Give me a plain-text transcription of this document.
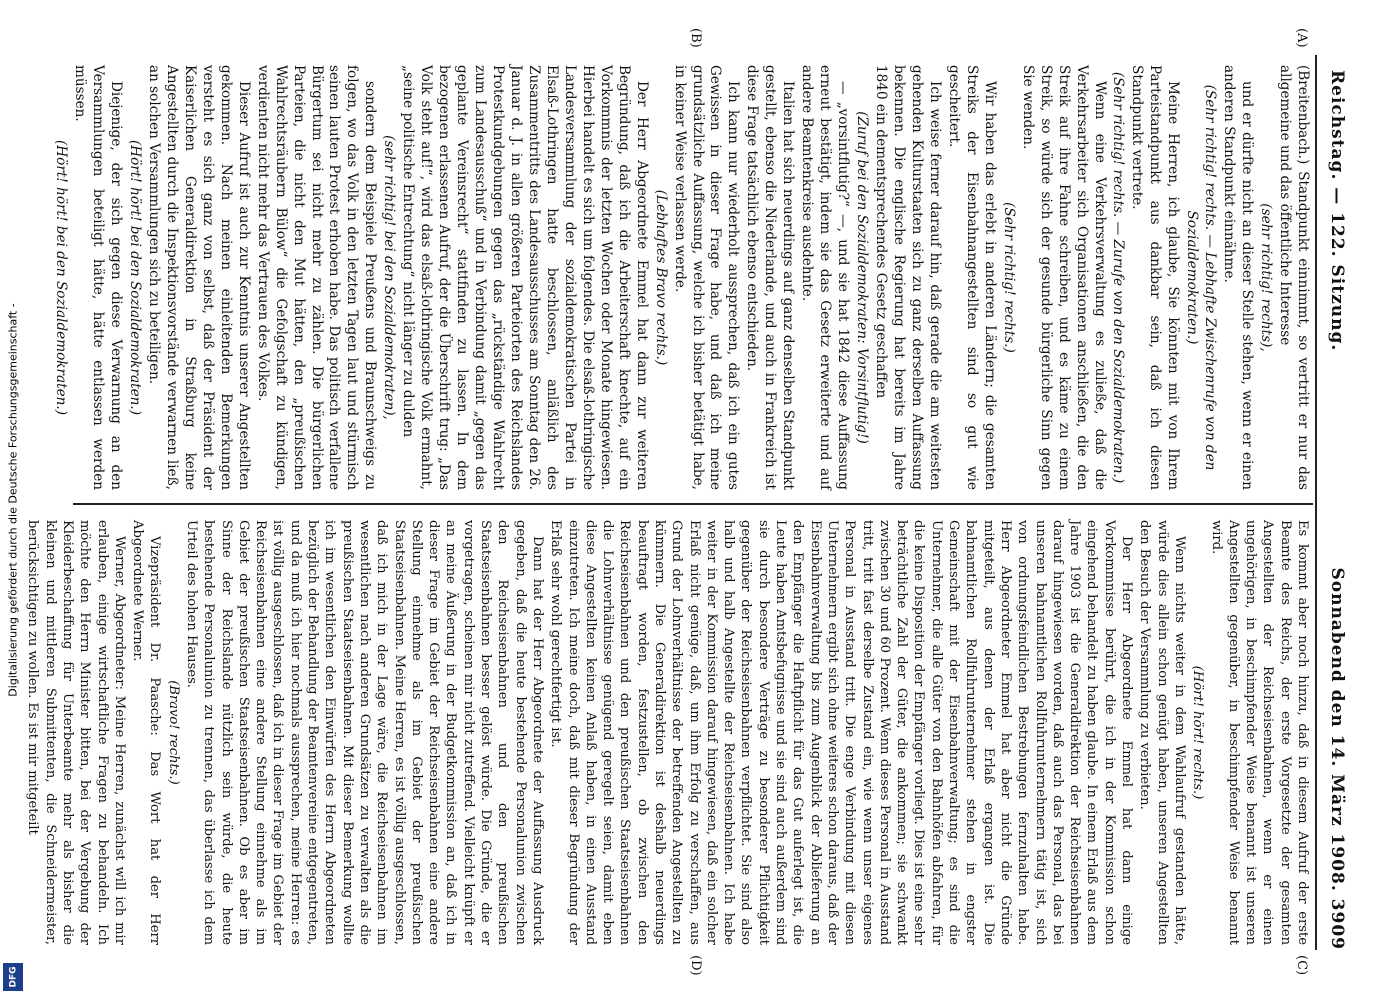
Reichstag. — 122. Sitzung.
Sonnabend den 14. März 1908. 3909
(A)
(B)
(C)
(D)

(Breitenbach.) Standpunkt einnimmt, so vertritt er nur das allgemeine und das öffentliche Interesse

(sehr richtig! rechts),

und er dürfte nicht an dieser Stelle stehen, wenn er einen anderen Standpunkt einnähme.

(Sehr richtig! rechts. — Lebhafte Zwischenrufe von den Sozialdemokraten.)

Meine Herren, ich glaube, Sie könnten mit von Ihrem Parteistandpunkt aus dankbar sein, daß ich diesen Standpunkt vertrete.

(Sehr richtig! rechts. — Zurufe von den Sozialdemokraten.)

Wenn eine Verkehrsverwaltung es zuließe, daß die Verkehrsarbeiter sich Organisationen anschließen, die den Streik auf ihre Fahne schreiben, und es käme zu einem Streik, so würde sich der gesunde bürgerliche Sinn gegen Sie wenden.

(Sehr richtig! rechts.)

Wir haben das erlebt in anderen Ländern; die gesamten Streiks der Eisenbahnangestellten sind so gut wie gescheitert.

Ich weise ferner darauf hin, daß gerade die am weitesten gehenden Kulturstaaten sich zu ganz derselben Auffassung bekennen. Die englische Regierung hat bereits im Jahre 1840 ein dementsprechendes Gesetz geschaffen

(Zuruf bei den Sozialdemokraten: Vorsintflutig!)

— „vorsintflutig?“ —, und sie hat 1842 diese Auffassung erneut bestätigt, indem sie das Gesetz erweiterte und auf andere Beamtenkreise ausdehnte.

Italien hat sich neuerdings auf ganz denselben Standpunkt gestellt, ebenso die Niederlande, und auch in Frankreich ist diese Frage tatsächlich ebenso entschieden.

Ich kann nur wiederholt aussprechen, daß ich ein gutes Gewissen in dieser Frage habe, und daß ich meine grundsätzliche Auffassung, welche ich bisher betätigt habe, in keiner Weise verlassen werde.

(Lebhaftes Bravo rechts.)

Der Herr Abgeordnete Emmel hat dann zur weiteren Begründung, daß ich die Arbeiterschaft knechte, auf ein Vorkommnis der letzten Wochen oder Monate hingewiesen. Hierbei handelt es sich um folgendes. Die elsaß-lothringische Landesversammlung der sozialdemokratischen Partei in Elsaß-Lothringen hatte beschlossen, anläßlich des Zusammentritts des Landesausschusses am Sonntag den 26. Januar d. J. in allen größeren Parteiorten des Reichslandes Protestkundgebungen gegen das „rückständige Wahlrecht zum Landesausschuß“ und in Verbindung damit „gegen das geplante Vereinsrecht“ stattfinden zu lassen. In dem bezogenen erlassenen Aufruf, der die Überschrift trug: „Das Volk steht auf!“, wird das elsaß-lothringische Volk ermahnt, „seine politische Entrechtung“ nicht länger zu dulden

(sehr richtig! bei den Sozialdemokraten),

sondern dem Beispiele Preußens und Braunschweigs zu folgen, wo das Volk in den letzten Tagen laut und stürmisch seinen lauten Protest erhoben habe. Das politisch verfallene Bürgertum sei nicht mehr zu zählen. Die bürgerlichen Parteien, die nicht den Mut hätten, den „preußischen Wahlrechtsräubern Bülow“ die Gefolgschaft zu kündigen, verdienten nicht mehr das Vertrauen des Volkes.

Dieser Aufruf ist auch zur Kenntnis unserer Angestellten gekommen. Nach meinen einleitenden Bemerkungen versteht es sich ganz von selbst, daß der Präsident der Kaiserlichen Generaldirektion in Straßburg keine Angestellten durch die Inspektionsvorstände verwarnen ließ, an solchen Versammlungen sich zu beteiligen.

(Hört! hört! bei den Sozialdemokraten.)

Diejenige, der sich gegen diese Verwarnung an den Versammlungen beteiligt hätte, hätte entlassen werden müssen.

(Hört! hört! bei den Sozialdemokraten.)

Es kommt aber noch hinzu, daß in diesem Aufruf der erste Beamte des Reichs, der erste Vorgesetzte der gesamten Angestellten der Reichseisenbahnen, wenn er einen ungehörigen, in beschimpfender Weise benannt ist unseren Angestellten gegenüber, in beschimpfender Weise benannt wird.

(Hört! hört! rechts.)

Wenn nichts weiter in dem Wahlaufruf gestanden hätte, würde dies allein schon genügt haben, unseren Angestellten den Besuch der Versammlung zu verbieten.

Der Herr Abgeordnete Emmel hat dann einige Vorkommnisse berührt, die ich in der Kommission schon eingehend behandelt zu haben glaube. In einem Erlaß aus dem Jahre 1903 ist die Generaldirektion der Reichseisenbahnen darauf hingewiesen worden, daß auch das Personal, das bei unseren bahnamtlichen Rollfuhrunternehmern tätig ist, sich von ordnungsfeindlichen Bestrebungen fernzuhalten habe. Herr Abgeordneter Emmel hat aber nicht die Gründe mitgeteilt, aus denen der Erlaß ergangen ist. Die bahnamtlichen Rollfuhrunternehmer stehen in engster Gemeinschaft mit der Eisenbahnverwaltung; es sind die Unternehmer, die alle Güter von den Bahnhöfen abfahren, für die keine Disposition der Empfänger vorliegt. Dies ist eine sehr beträchtliche Zahl der Güter, die ankommen; sie schwankt zwischen 30 und 60 Prozent. Wenn dieses Personal in Ausstand tritt, tritt fast derselbe Zustand ein, wie wenn unser eigenes Personal in Ausstand tritt. Die enge Verbindung mit diesen Unternehmern ergibt sich ohne weiteres schon daraus, daß der Eisenbahnverwaltung bis zum Augenblick der Ablieferung an den Empfänger die Haftpflicht für das Gut auferlegt ist, die Leute haben Amtsbefugnisse und sie sind auch außerdem sind sie durch besondere Verträge zu besonderer Pflichtigkeit gegenüber der Reichseisenbahnen verpflichtet. Sie sind also halb und halb Angestellte der Reichseisenbahnen. Ich habe weiter in der Kommission darauf hingewiesen, daß ein solcher Erlaß nicht genüge, daß, um ihm Erfolg zu verschaffen, aus Grund der Lohnverhältnisse der betreffenden Angestellten zu kümmern. Die Generaldirektion ist deshalb neuerdings beauftragt worden, festzustellen, ob zwischen den Reichseisenbahnen und den preußischen Staatseisenbahnen die Lohnverhältnisse genügend geregelt seien, damit eben diese Angestellten keinen Anlaß haben, in einen Ausstand einzutreten. Ich meine doch, daß mit dieser Begründung der Erlaß sehr wohl gerechtfertigt ist.

Dann hat der Herr Abgeordnete der Auffassung Ausdruck gegeben, daß die heute bestehende Personalunion zwischen den Reichseisenbahnen und den preußischen Staatseisenbahnen besser gelöst würde. Die Gründe, die er vorgetragen, scheinen mir nicht zutreffend. Vielleicht knüpft er an meine Äußerung in der Budgetkommission an, daß ich in dieser Frage im Gebiet der Reichseisenbahnen eine andere Stellung einnehme als im Gebiet der preußischen Staatseisenbahnen. Meine Herren, es ist völlig ausgeschlossen, daß ich mich in der Lage wäre, die Reichseisenbahnen im wesentlichen nach anderen Grundsätzen zu verwalten als die preußischen Staatseisenbahnen. Mit dieser Bemerkung wollte ich im wesentlichen den Einwürfen des Herrn Abgeordneten bezüglich der Behandlung der Beamtenvereine entgegentreten, und da muß ich hier nochmals aussprechen, meine Herren: es ist völlig ausgeschlossen, daß ich in dieser Frage im Gebiet der Reichseisenbahnen eine andere Stellung einnehme als im Gebiet der preußischen Staatseisenbahnen. Ob es aber im Sinne der Reichslande nützlich sein würde, die heute bestehende Personalunion zu trennen, das überlasse ich dem Urteil des hohen Hauses.

(Bravo! rechts.)

Vizepräsident Dr. Paasche: Das Wort hat der Herr Abgeordnete Werner.

Werner, Abgeordneter: Meine Herren, zunächst will ich mir erlauben, einige wirtschaftliche Fragen zu behandeln. Ich möchte den Herrn Minister bitten, bei der Vergebung der Kleiderbeschaffung für Unterbeamte mehr als bisher die kleinen und mittleren Submittenten, die Schneidermeister, berücksichtigen zu wollen. Es ist mir mitgeteilt

Digitalisierung gefördert durch die Deutsche Forschungsgemeinschaft -
DFG
